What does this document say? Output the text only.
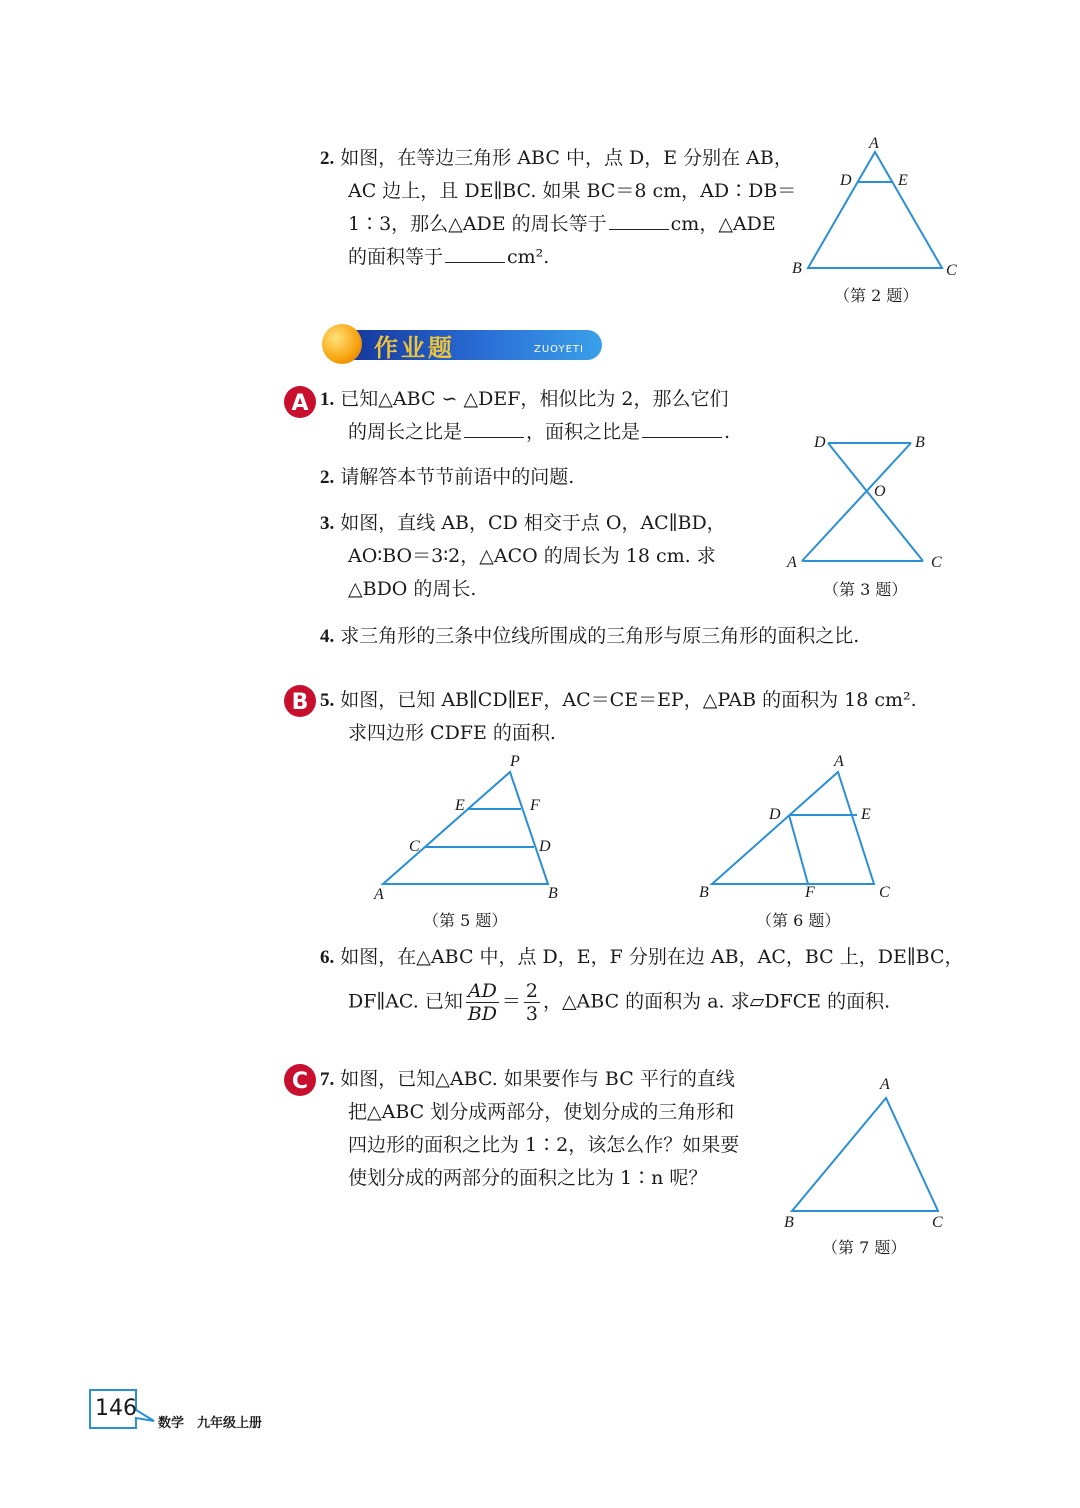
2. 如图，在等边三角形 ABC 中，点 D，E 分别在 AB，
AC 边上，且 DE∥BC. 如果 BC＝8 cm，AD∶DB＝
1∶3，那么△ADE 的周长等于	cm，△ADE
的面积等于	cm².
A
D	E
B	C
（第 2 题）
作业题	ZUOYETI
A 1. 已知△ABC ∽ △DEF，相似比为 2，那么它们
的周长之比是	，面积之比是	.
2. 请解答本节节前语中的问题.
3. 如图，直线 AB，CD 相交于点 O，AC∥BD，
AO∶BO＝3∶2，△ACO 的周长为 18 cm. 求
△BDO 的周长.
D	B
O
A	C
（第 3 题）
4. 求三角形的三条中位线所围成的三角形与原三角形的面积之比.
B 5. 如图，已知 AB∥CD∥EF，AC＝CE＝EP，△PAB 的面积为 18 cm².
求四边形 CDFE 的面积.
P
E	F
C	D
A	B
（第 5 题）
A
D	E
B	F	C
（第 6 题）
6. 如图，在△ABC 中，点 D，E，F 分别在边 AB，AC，BC 上，DE∥BC，
DF∥AC. 已知 $\frac{AD}{BD} = \frac{2}{3}$ ，△ABC 的面积为 a. 求▱DFCE 的面积.
C 7. 如图，已知△ABC. 如果要作与 BC 平行的直线
把△ABC 划分成两部分，使划分成的三角形和
四边形的面积之比为 1∶2，该怎么作？如果要
使划分成的两部分的面积之比为 1∶n 呢？
A
B	C
（第 7 题）
146
数学　九年级上册
